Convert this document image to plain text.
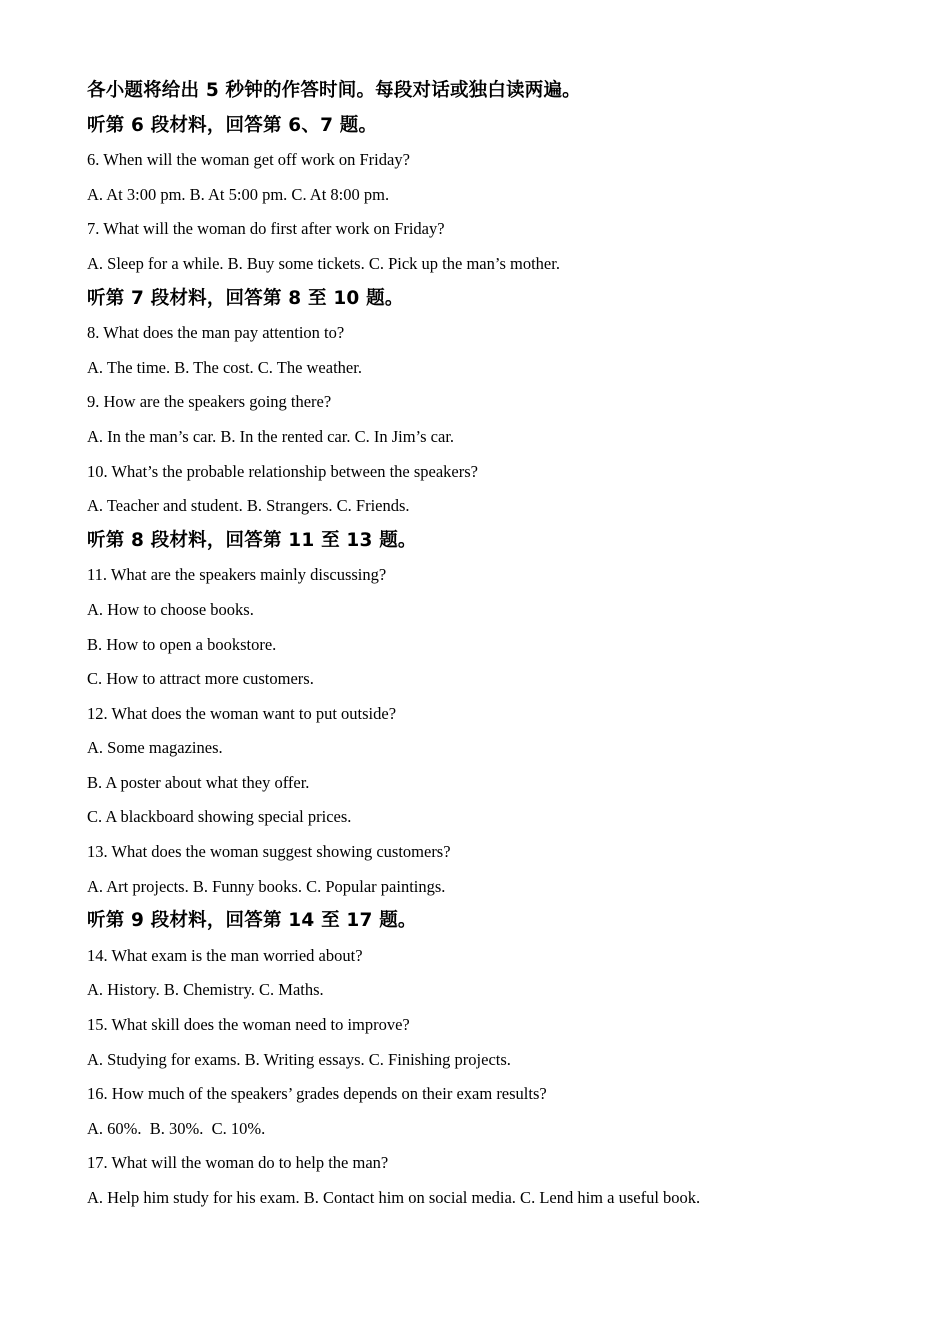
各小题将给出 5 秒钟的作答时间。每段对话或独白读两遍。
听第 6 段材料，回答第 6、7 题。
6. When will the woman get off work on Friday?
A. At 3:00 pm. B. At 5:00 pm. C. At 8:00 pm.
7. What will the woman do first after work on Friday?
A. Sleep for a while. B. Buy some tickets. C. Pick up the man’s mother.
听第 7 段材料，回答第 8 至 10 题。
8. What does the man pay attention to?
A. The time. B. The cost. C. The weather.
9. How are the speakers going there?
A. In the man’s car. B. In the rented car. C. In Jim’s car.
10. What’s the probable relationship between the speakers?
A. Teacher and student. B. Strangers. C. Friends.
听第 8 段材料，回答第 11 至 13 题。
11. What are the speakers mainly discussing?
A. How to choose books.
B. How to open a bookstore.
C. How to attract more customers.
12. What does the woman want to put outside?
A. Some magazines.
B. A poster about what they offer.
C. A blackboard showing special prices.
13. What does the woman suggest showing customers?
A. Art projects. B. Funny books. C. Popular paintings.
听第 9 段材料，回答第 14 至 17 题。
14. What exam is the man worried about?
A. History. B. Chemistry. C. Maths.
15. What skill does the woman need to improve?
A. Studying for exams. B. Writing essays. C. Finishing projects.
16. How much of the speakers’ grades depends on their exam results?
A. 60%.  B. 30%.  C. 10%.
17. What will the woman do to help the man?
A. Help him study for his exam. B. Contact him on social media. C. Lend him a useful book.
